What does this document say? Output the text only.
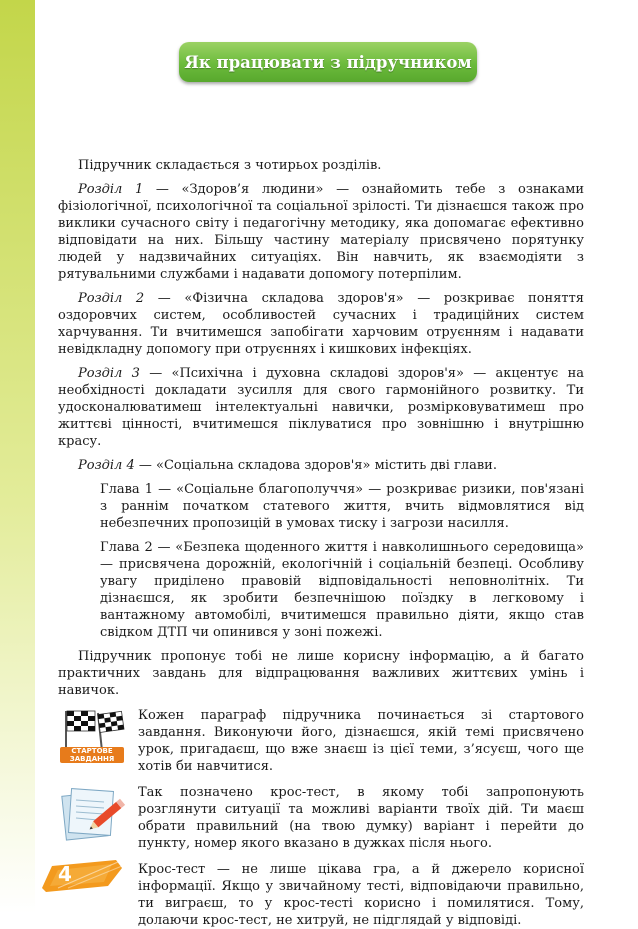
Як працювати з підручником

Підручник складається з чотирьох розділів.

Розділ 1 — «Здоров’я людини» — ознайомить тебе з ознаками фізіологічної, психологічної та соціальної зрілості. Ти дізнаєшся також про виклики сучасного світу і педагогічну методику, яка допомагає ефективно відповідати на них. Більшу частину матеріалу присвячено порятунку людей у надзвичайних ситуаціях. Він навчить, як взаємодіяти з рятувальними службами і надавати допомогу потерпілим.

Розділ 2 — «Фізична складова здоров'я» — розкриває поняття оздоровчих систем, особливостей сучасних і традиційних систем харчування. Ти вчитимешся запобігати харчовим отруєнням і надавати невідкладну допомогу при отруєннях і кишкових інфекціях.

Розділ 3 — «Психічна і духовна складові здоров'я» — акцентує на необхідності докладати зусилля для свого гармонійного розвитку. Ти удосконалюватимеш інтелектуальні навички, розмірковуватимеш про життєві цінності, вчитимешся піклуватися про зовнішню і внутрішню красу.

Розділ 4 — «Соціальна складова здоров'я» містить дві глави.

Глава 1 — «Соціальне благополуччя» — розкриває ризики, пов'язані з раннім початком статевого життя, вчить відмовлятися від небезпечних пропозицій в умовах тиску і загрози насилля.

Глава 2 — «Безпека щоденного життя і навколишнього середовища» — присвячена дорожній, екологічній і соціальній безпеці. Особливу увагу приділено правовій відповідальності неповнолітніх. Ти дізнаєшся, як зробити безпечнішою поїздку в легковому і вантажному автомобілі, вчитимешся правильно діяти, якщо став свідком ДТП чи опинився у зоні пожежі.

Підручник пропонує тобі не лише корисну інформацію, а й багато практичних завдань для відпрацювання важливих життєвих умінь і навичок.

СТАРТОВЕ ЗАВДАННЯ

Кожен параграф підручника починається зі стартового завдання. Виконуючи його, дізнаєшся, якій темі присвячено урок, пригадаєш, що вже знаєш із цієї теми, з’ясуєш, чого ще хотів би навчитися.

Так позначено крос-тест, в якому тобі запропонують розглянути ситуації та можливі варіанти твоїх дій. Ти маєш обрати правильний (на твою думку) варіант і перейти до пункту, номер якого вказано в дужках після нього.

Крос-тест — не лише цікава гра, а й джерело корисної інформації. Якщо у звичайному тесті, відповідаючи правильно, ти виграєш, то у крос-тесті корисно і помилятися. Тому, долаючи крос-тест, не хитруй, не підглядай у відповіді.

4
